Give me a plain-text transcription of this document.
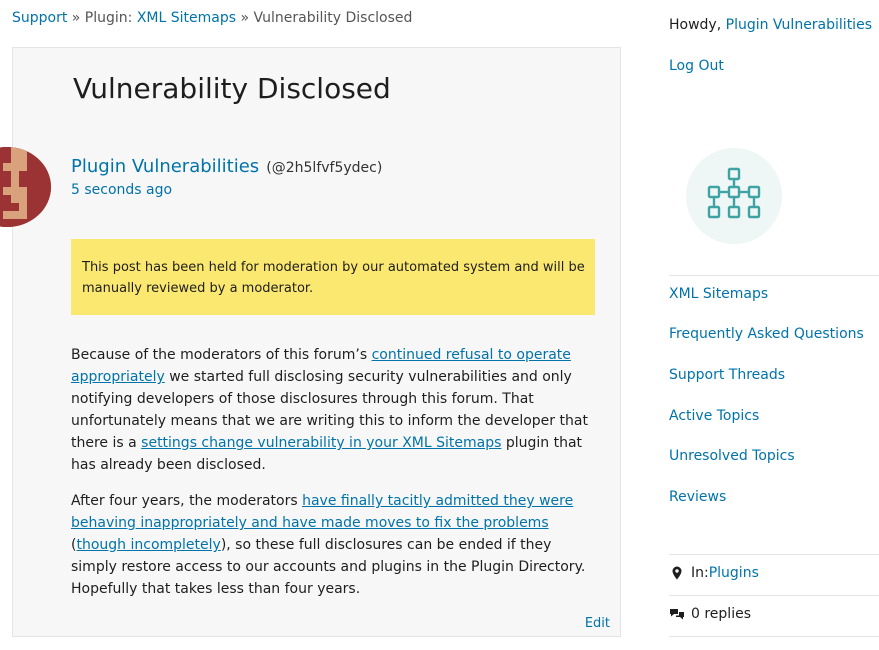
Support » Plugin: XML Sitemaps » Vulnerability Disclosed
Vulnerability Disclosed
Plugin Vulnerabilities (@2h5lfvf5ydec)
5 seconds ago
This post has been held for moderation by our automated system and will be manually reviewed by a moderator.

Because of the moderators of this forum’s continued refusal to operate appropriately we started full disclosing security vulnerabilities and only notifying developers of those disclosures through this forum. That unfortunately means that we are writing this to inform the developer that there is a settings change vulnerability in your XML Sitemaps plugin that has already been disclosed.

After four years, the moderators have finally tacitly admitted they were behaving inappropriately and have made moves to fix the problems (though incompletely), so these full disclosures can be ended if they simply restore access to our accounts and plugins in the Plugin Directory. Hopefully that takes less than four years.

Edit
Howdy, Plugin Vulnerabilities
Log Out
XML Sitemaps
Frequently Asked Questions
Support Threads
Active Topics
Unresolved Topics
Reviews
In: Plugins
0 replies
